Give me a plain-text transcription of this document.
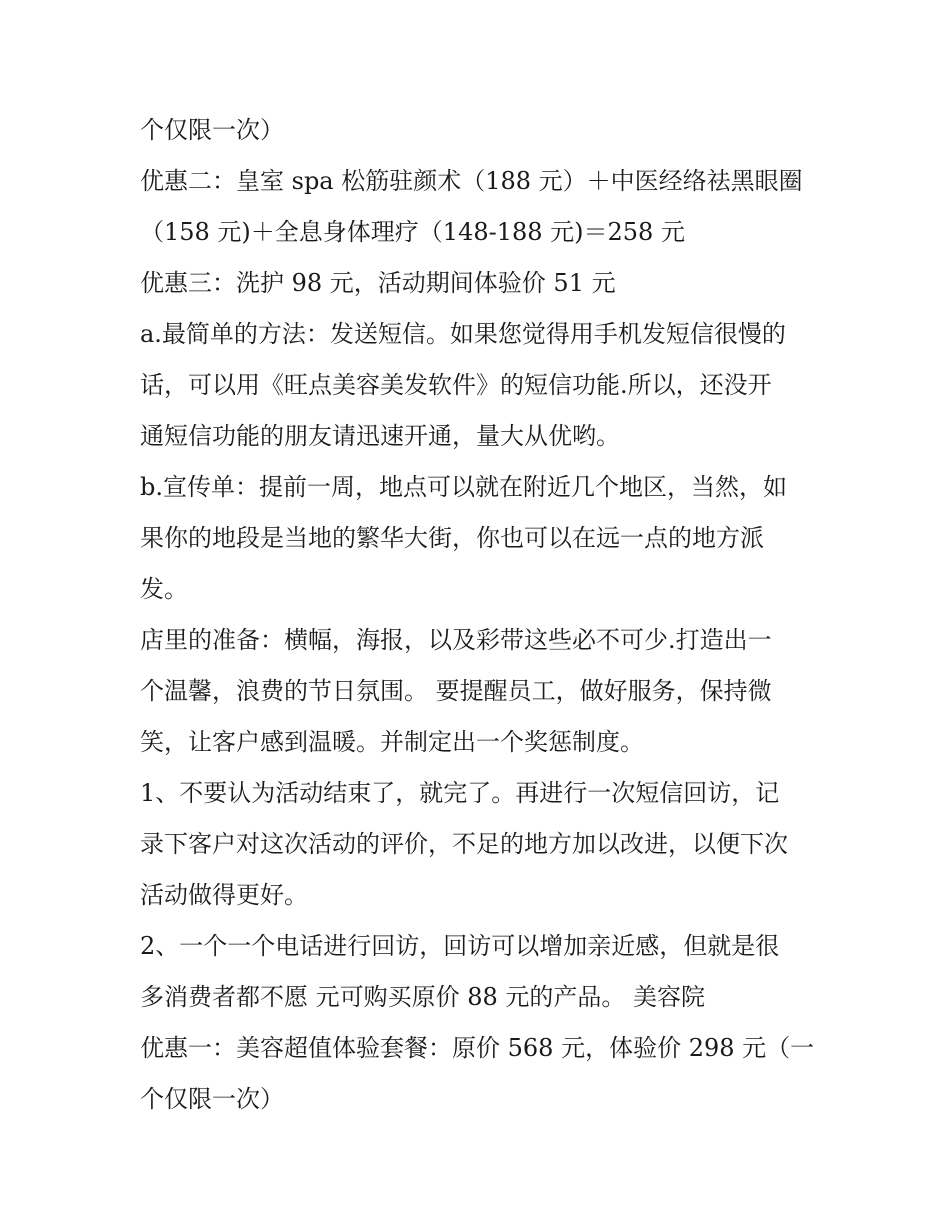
个仅限一次）
优惠二：皇室 spa 松筋驻颜术（188 元）＋中医经络祛黑眼圈
（158 元)＋全息身体理疗（148-188 元)＝258 元
优惠三：洗护 98 元，活动期间体验价 51 元
a.最简单的方法：发送短信。如果您觉得用手机发短信很慢的
话，可以用《旺点美容美发软件》的短信功能.所以，还没开
通短信功能的朋友请迅速开通，量大从优哟。
b.宣传单：提前一周，地点可以就在附近几个地区，当然，如
果你的地段是当地的繁华大街，你也可以在远一点的地方派
发。
店里的准备：横幅，海报，以及彩带这些必不可少.打造出一
个温馨，浪费的节日氛围。 要提醒员工，做好服务，保持微
笑，让客户感到温暖。并制定出一个奖惩制度。
1、不要认为活动结束了，就完了。再进行一次短信回访，记
录下客户对这次活动的评价，不足的地方加以改进，以便下次
活动做得更好。
2、一个一个电话进行回访，回访可以增加亲近感，但就是很
多消费者都不愿 元可购买原价 88 元的产品。 美容院
优惠一：美容超值体验套餐：原价 568 元，体验价 298 元（一
个仅限一次）
